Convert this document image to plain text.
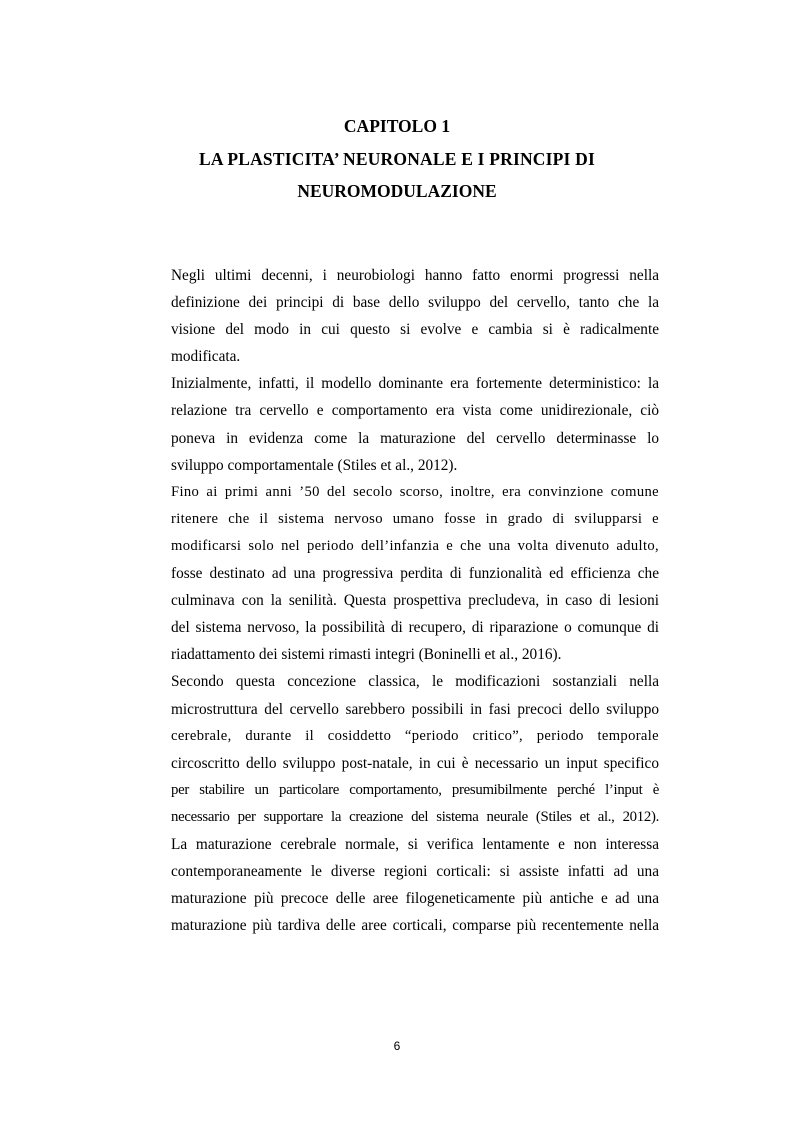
CAPITOLO 1
LA PLASTICITA’ NEURONALE E I PRINCIPI DI
NEUROMODULAZIONE
Negli ultimi decenni, i neurobiologi hanno fatto enormi progressi nella
definizione dei principi di base dello sviluppo del cervello, tanto che la
visione del modo in cui questo si evolve e cambia si è radicalmente
modificata.
Inizialmente, infatti, il modello dominante era fortemente deterministico: la
relazione tra cervello e comportamento era vista come unidirezionale, ciò
poneva in evidenza come la maturazione del cervello determinasse lo
sviluppo comportamentale (Stiles et al., 2012).
Fino ai primi anni ’50 del secolo scorso, inoltre, era convinzione comune
ritenere che il sistema nervoso umano fosse in grado di svilupparsi e
modificarsi solo nel periodo dell’infanzia e che una volta divenuto adulto,
fosse destinato ad una progressiva perdita di funzionalità ed efficienza che
culminava con la senilità. Questa prospettiva precludeva, in caso di lesioni
del sistema nervoso, la possibilità di recupero, di riparazione o comunque di
riadattamento dei sistemi rimasti integri (Boninelli et al., 2016).
Secondo questa concezione classica, le modificazioni sostanziali nella
microstruttura del cervello sarebbero possibili in fasi precoci dello sviluppo
cerebrale, durante il cosiddetto “periodo critico”, periodo temporale
circoscritto dello sviluppo post-natale, in cui è necessario un input specifico
per stabilire un particolare comportamento, presumibilmente perché l’input è
necessario per supportare la creazione del sistema neurale (Stiles et al., 2012).
La maturazione cerebrale normale, si verifica lentamente e non interessa
contemporaneamente le diverse regioni corticali: si assiste infatti ad una
maturazione più precoce delle aree filogeneticamente più antiche e ad una
maturazione più tardiva delle aree corticali, comparse più recentemente nella
6
